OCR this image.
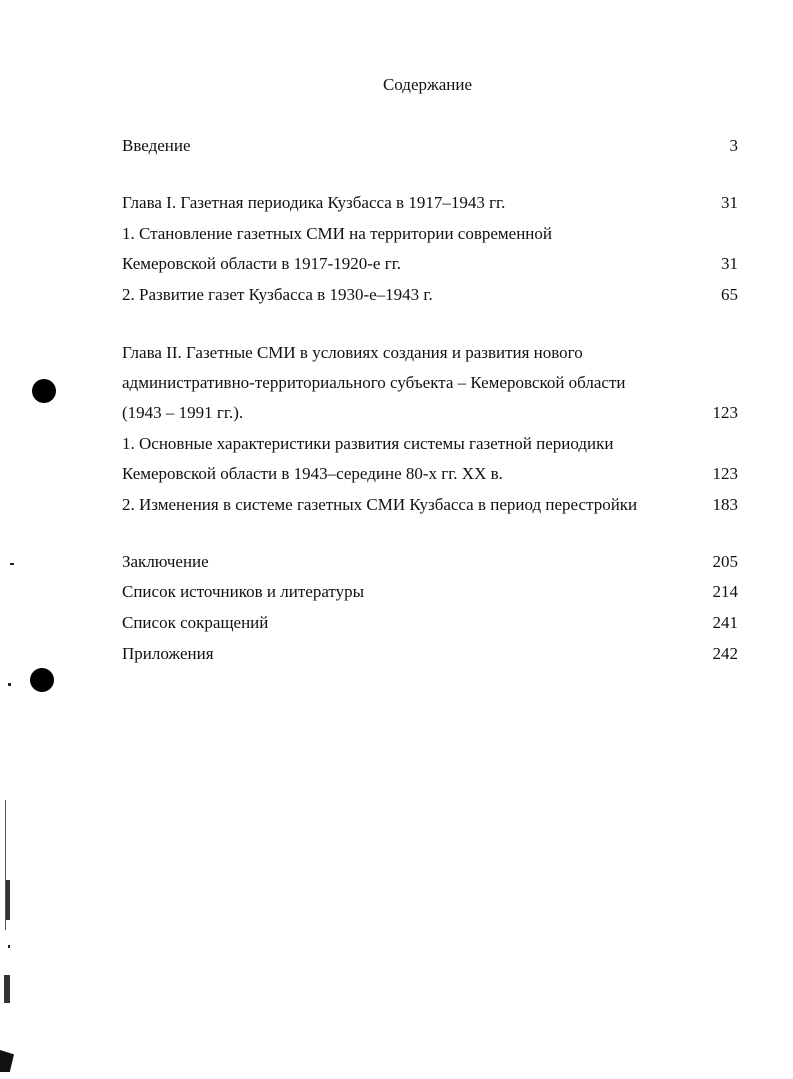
Содержание
Введение	3
Глава I. Газетная периодика Кузбасса в 1917–1943 гг.	31
1. Становление газетных СМИ на территории современной
Кемеровской области в 1917-1920-е гг.	31
2. Развитие газет Кузбасса в 1930-е–1943 г.	65
Глава II. Газетные СМИ в условиях создания и развития нового
административно-территориального субъекта – Кемеровской области
(1943 – 1991 гг.).	123
1. Основные характеристики развития системы газетной периодики
Кемеровской области в 1943–середине 80-х гг. XX в.	123
2. Изменения в системе газетных СМИ Кузбасса в период перестройки	183
Заключение	205
Список источников и литературы	214
Список сокращений	241
Приложения	242
